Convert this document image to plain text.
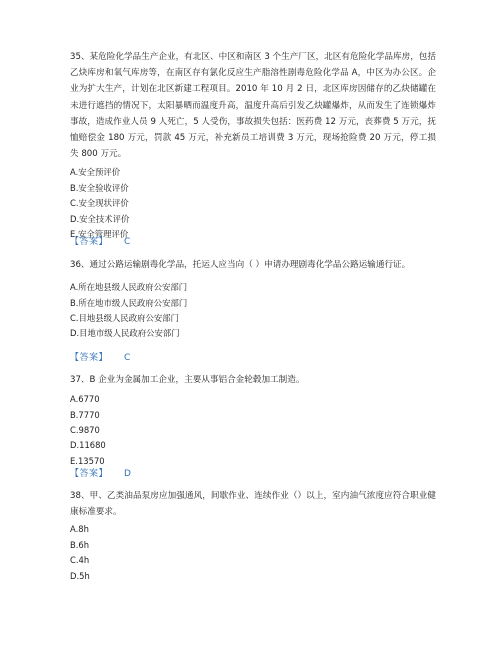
35、某危险化学品生产企业，有北区、中区和南区 3 个生产厂区，北区有危险化学品库房，包括乙炔库房和氧气库房等，在南区存有氯化反应生产脂溶性剧毒危险化学品 A，中区为办公区。企业为扩大生产，计划在北区新建工程项目。2010 年 10 月 2 日，北区库房因储存的乙炔储罐在未进行遮挡的情况下，太阳暴晒而温度升高，温度升高后引发乙炔罐爆炸，从而发生了连锁爆炸事故，造成作业人员 9 人死亡，5 人受伤，事故损失包括：医药费 12 万元，丧葬费 5 万元，抚恤赔偿金 180 万元，罚款 45 万元，补充新员工培训费 3 万元，现场抢险费 20 万元，停工损失 800 万元。

A.安全预评价
B.安全验收评价
C.安全现状评价
D.安全技术评价
E.安全管理评价
【答案】 C

36、通过公路运输剧毒化学品，托运人应当向（ ）申请办理剧毒化学品公路运输通行证。

A.所在地县级人民政府公安部门
B.所在地市级人民政府公安部门
C.目地县级人民政府公安部门
D.目地市级人民政府公安部门
【答案】 C

37、B 企业为金属加工企业，主要从事铝合金轮毂加工制造。

A.6770
B.7770
C.9870
D.11680
E.13570
【答案】 D

38、甲、乙类油品泵房应加强通风，间歇作业、连续作业（）以上，室内油气浓度应符合职业健康标准要求。

A.8h
B.6h
C.4h
D.5h
